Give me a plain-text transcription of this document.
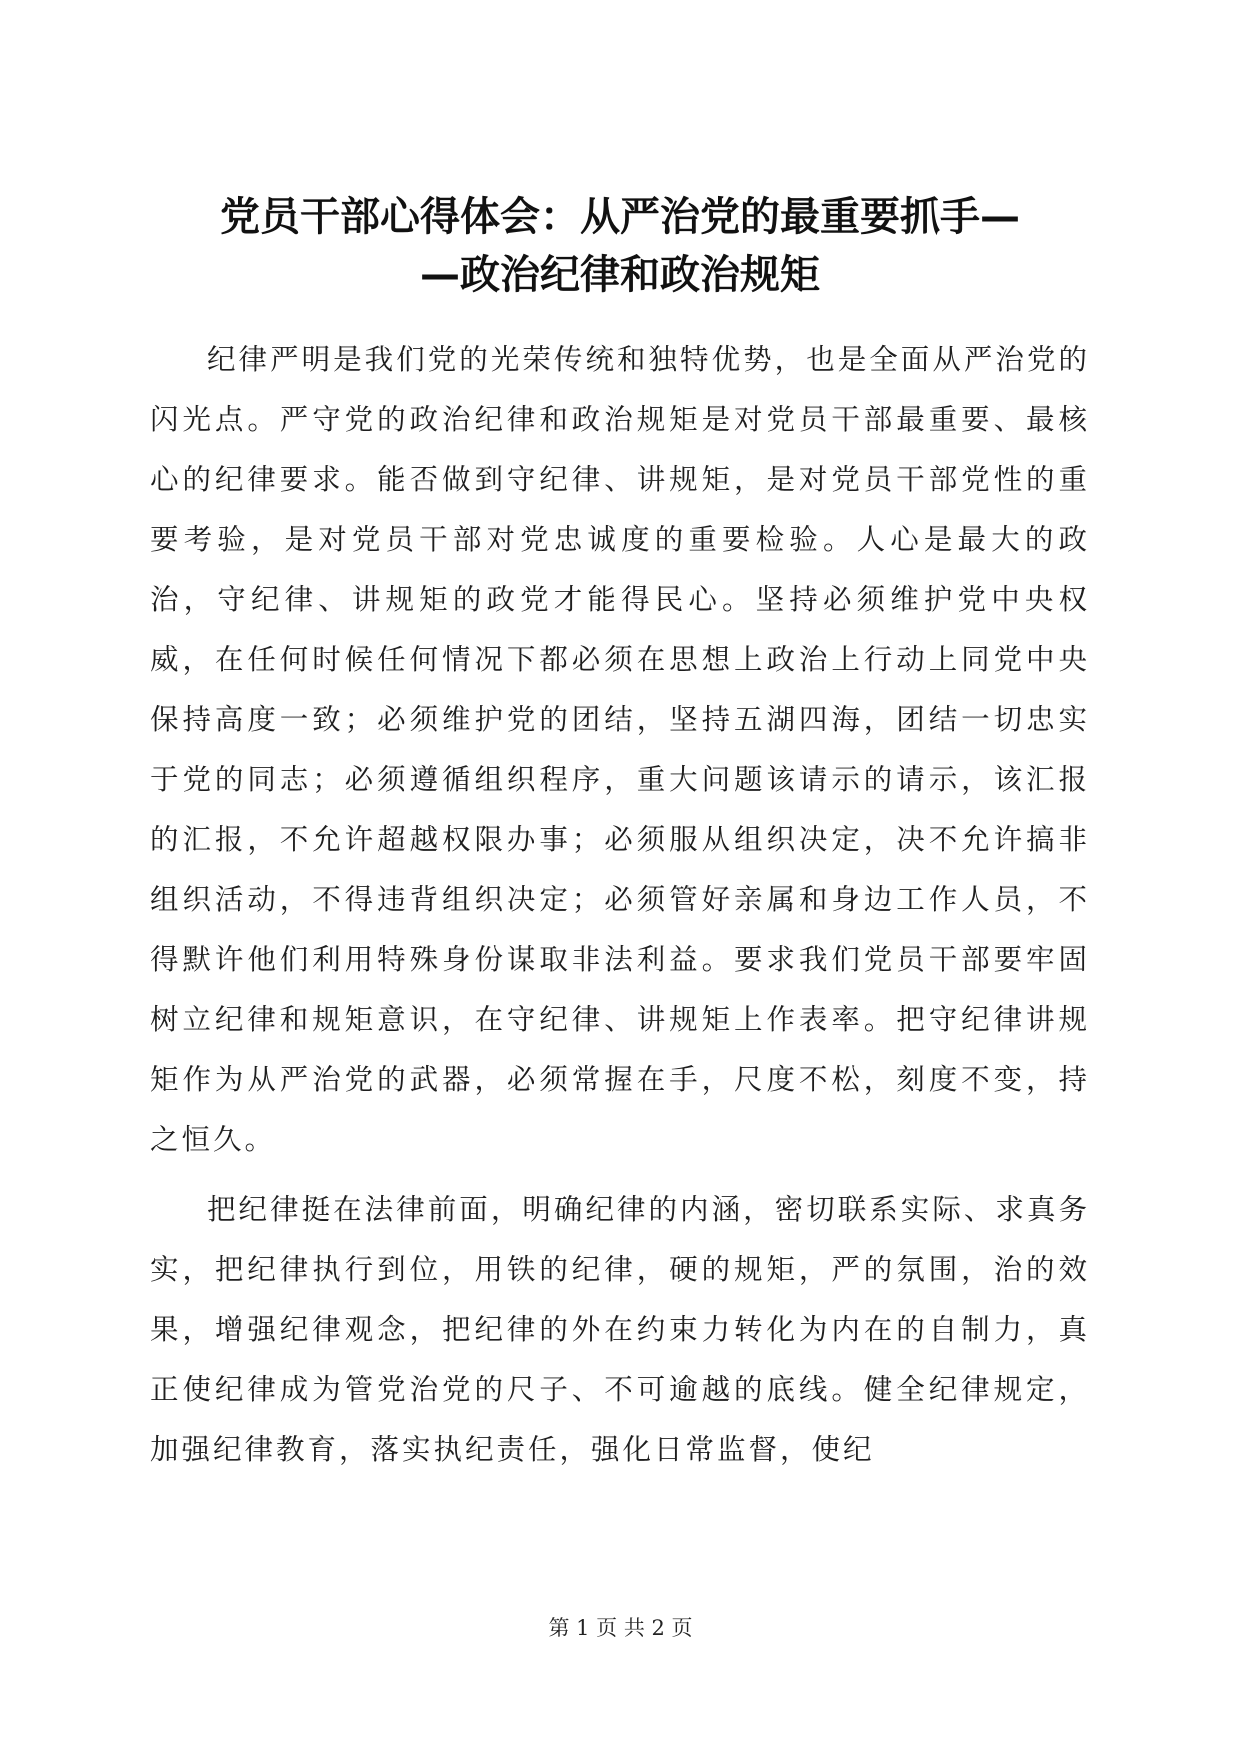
党员干部心得体会：从严治党的最重要抓手—
—政治纪律和政治规矩

纪律严明是我们党的光荣传统和独特优势，也是全面从严治党的闪光点。严守党的政治纪律和政治规矩是对党员干部最重要、最核心的纪律要求。能否做到守纪律、讲规矩，是对党员干部党性的重要考验，是对党员干部对党忠诚度的重要检验。人心是最大的政治，守纪律、讲规矩的政党才能得民心。坚持必须维护党中央权威，在任何时候任何情况下都必须在思想上政治上行动上同党中央保持高度一致；必须维护党的团结，坚持五湖四海，团结一切忠实于党的同志；必须遵循组织程序，重大问题该请示的请示，该汇报的汇报，不允许超越权限办事；必须服从组织决定，决不允许搞非组织活动，不得违背组织决定；必须管好亲属和身边工作人员，不得默许他们利用特殊身份谋取非法利益。要求我们党员干部要牢固树立纪律和规矩意识，在守纪律、讲规矩上作表率。把守纪律讲规矩作为从严治党的武器，必须常握在手，尺度不松，刻度不变，持之恒久。

把纪律挺在法律前面，明确纪律的内涵，密切联系实际、求真务实，把纪律执行到位，用铁的纪律，硬的规矩，严的氛围，治的效果，增强纪律观念，把纪律的外在约束力转化为内在的自制力，真正使纪律成为管党治党的尺子、不可逾越的底线。健全纪律规定，加强纪律教育，落实执纪责任，强化日常监督，使纪

第 1 页 共 2 页
